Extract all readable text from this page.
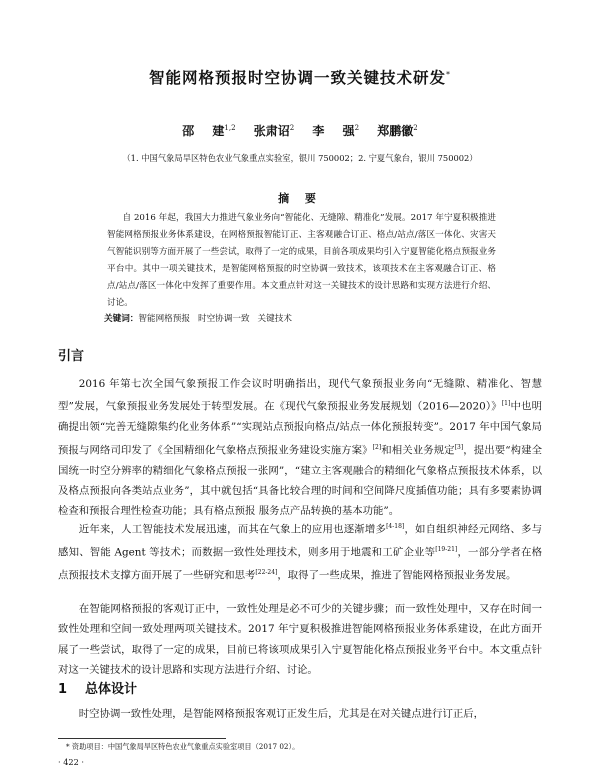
智能网格预报时空协调一致关键技术研发*
邵 建$^{1,2}$ 张肃诏$^2$ 李 强$^2$ 郑鹏徽$^2$
（1. 中国气象局旱区特色农业气象重点实验室，银川 750002；2. 宁夏气象台，银川 750002）
摘 要

自 2016 年起，我国大力推进气象业务向“智能化、无缝隙、精准化”发展。2017 年宁夏积极推进智能网格预报业务体系建设，在网格预报智能订正、主客观融合订正、格点/站点/落区一体化、灾害天气智能识别等方面开展了一些尝试，取得了一定的成果，目前各项成果均引入宁夏智能化格点预报业务平台中。其中一项关键技术，是智能网格预报的时空协调一致技术，该项技术在主客观融合订正、格点/站点/落区一体化中发挥了重要作用。本文重点针对这一关键技术的设计思路和实现方法进行介绍、讨论。

关键词：智能网格预报 时空协调一致 关键技术

引言

2016 年第七次全国气象预报工作会议时明确指出，现代气象预报业务向“无缝隙、精准化、智慧型”发展，气象预报业务发展处于转型发展。在《现代气象预报业务发展规划（2016—2020）》[1]中也明确提出领“完善无缝隙集约化业务体系”“实现站点预报向格点/站点一体化预报转变”。2017 年中国气象局预报与网络司印发了《全国精细化气象格点预报业务建设实施方案》[2]和相关业务规定[3]，提出要“构建全国统一时空分辨率的精细化气象格点预报一张网”，“建立主客观融合的精细化气象格点预报技术体系，以及格点预报向各类站点业务”，其中就包括“具备比较合理的时间和空间降尺度插值功能；具有多要素协调检查和预报合理性检查功能；具有格点预报 服务点产品转换的基本功能”。

近年来，人工智能技术发展迅速，而其在气象上的应用也逐渐增多[4-18]，如自组织神经元网络、多与感知、智能 Agent 等技术；而数据一致性处理技术，则多用于地震和工矿企业等[19-21]，一部分学者在格点预报技术支撑方面开展了一些研究和思考[22-24]，取得了一些成果，推进了智能网格预报业务发展。

在智能网格预报的客观订正中，一致性处理是必不可少的关键步骤；而一致性处理中，又存在时间一致性处理和空间一致处理两项关键技术。2017 年宁夏积极推进智能网格预报业务体系建设，在此方面开展了一些尝试，取得了一定的成果，目前已将该项成果引入宁夏智能化格点预报业务平台中。本文重点针对这一关键技术的设计思路和实现方法进行介绍、讨论。

1 总体设计

时空协调一致性处理，是智能网格预报客观订正发生后，尤其是在对关键点进行订正后，

* 资助项目：中国气象局旱区特色农业气象重点实验室项目（2017 02）。

· 422 ·
